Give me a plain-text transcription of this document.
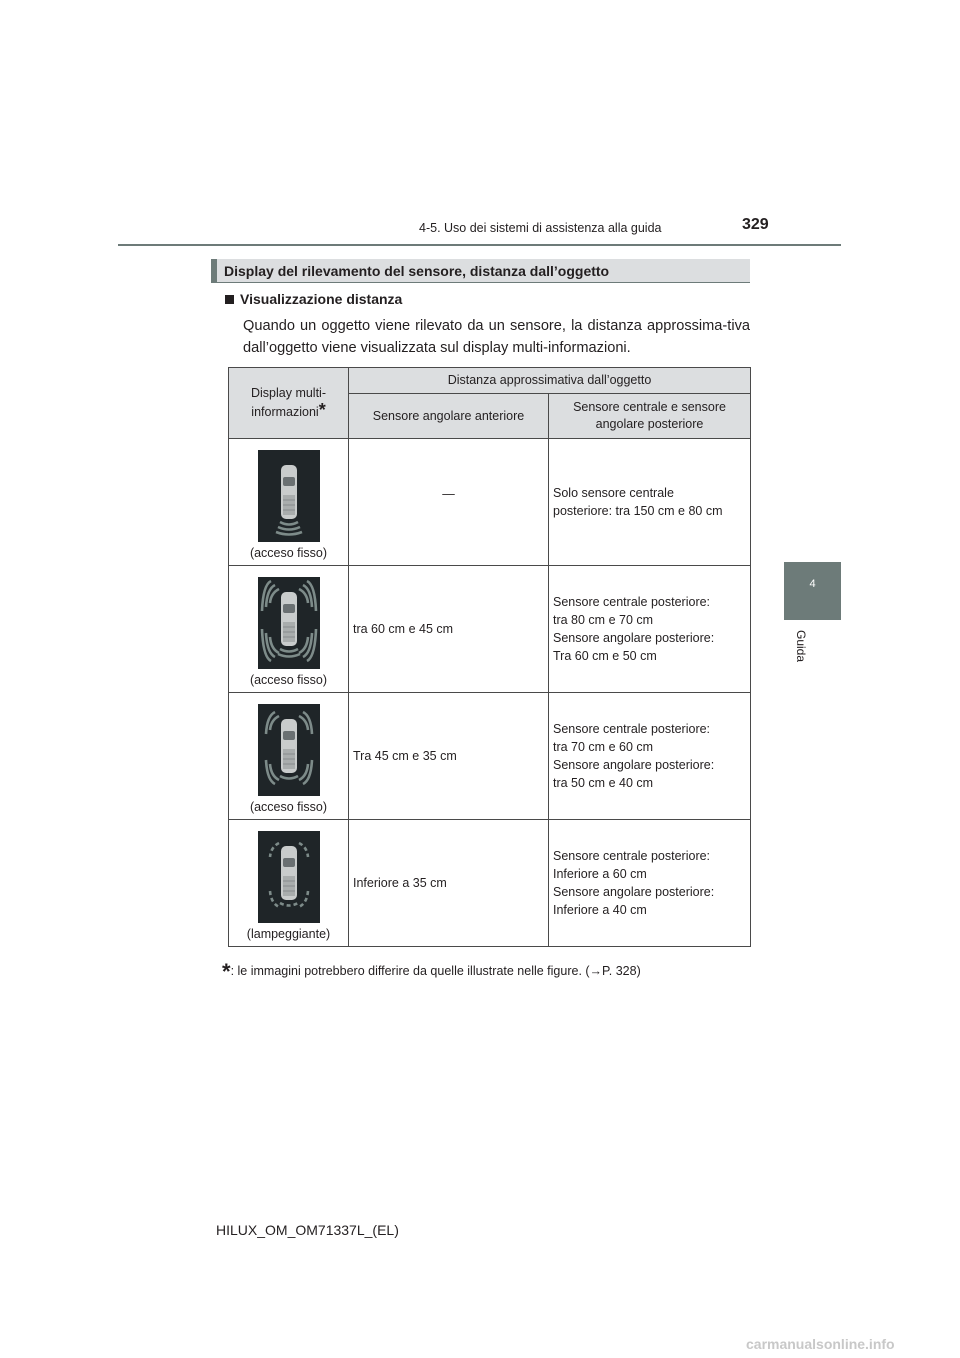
4-5. Uso dei sistemi di assistenza alla guida	329
4
Guida
Display del rilevamento del sensore, distanza dall’oggetto
Visualizzazione distanza
Quando un oggetto viene rilevato da un sensore, la distanza approssima-tiva dall’oggetto viene visualizzata sul display multi-informazioni.
Display multi-informazioni*	Distanza approssimativa dall’oggetto	
	Sensore angolare anteriore	Sensore centrale e sensore angolare posteriore

(acceso fisso)	—	Solo sensore centrale
posteriore: tra 150 cm e 80 cm

(acceso fisso)	tra 60 cm e 45 cm	Sensore centrale posteriore:
tra 80 cm e 70 cm
Sensore angolare posteriore:
Tra 60 cm e 50 cm

(acceso fisso)	Tra 45 cm e 35 cm	Sensore centrale posteriore:
tra 70 cm e 60 cm
Sensore angolare posteriore:
tra 50 cm e 40 cm

(lampeggiante)	Inferiore a 35 cm	Sensore centrale posteriore:
Inferiore a 60 cm
Sensore angolare posteriore:
Inferiore a 40 cm
*: le immagini potrebbero differire da quelle illustrate nelle figure. (→P. 328)
HILUX_OM_OM71337L_(EL)
carmanualsonline.info
